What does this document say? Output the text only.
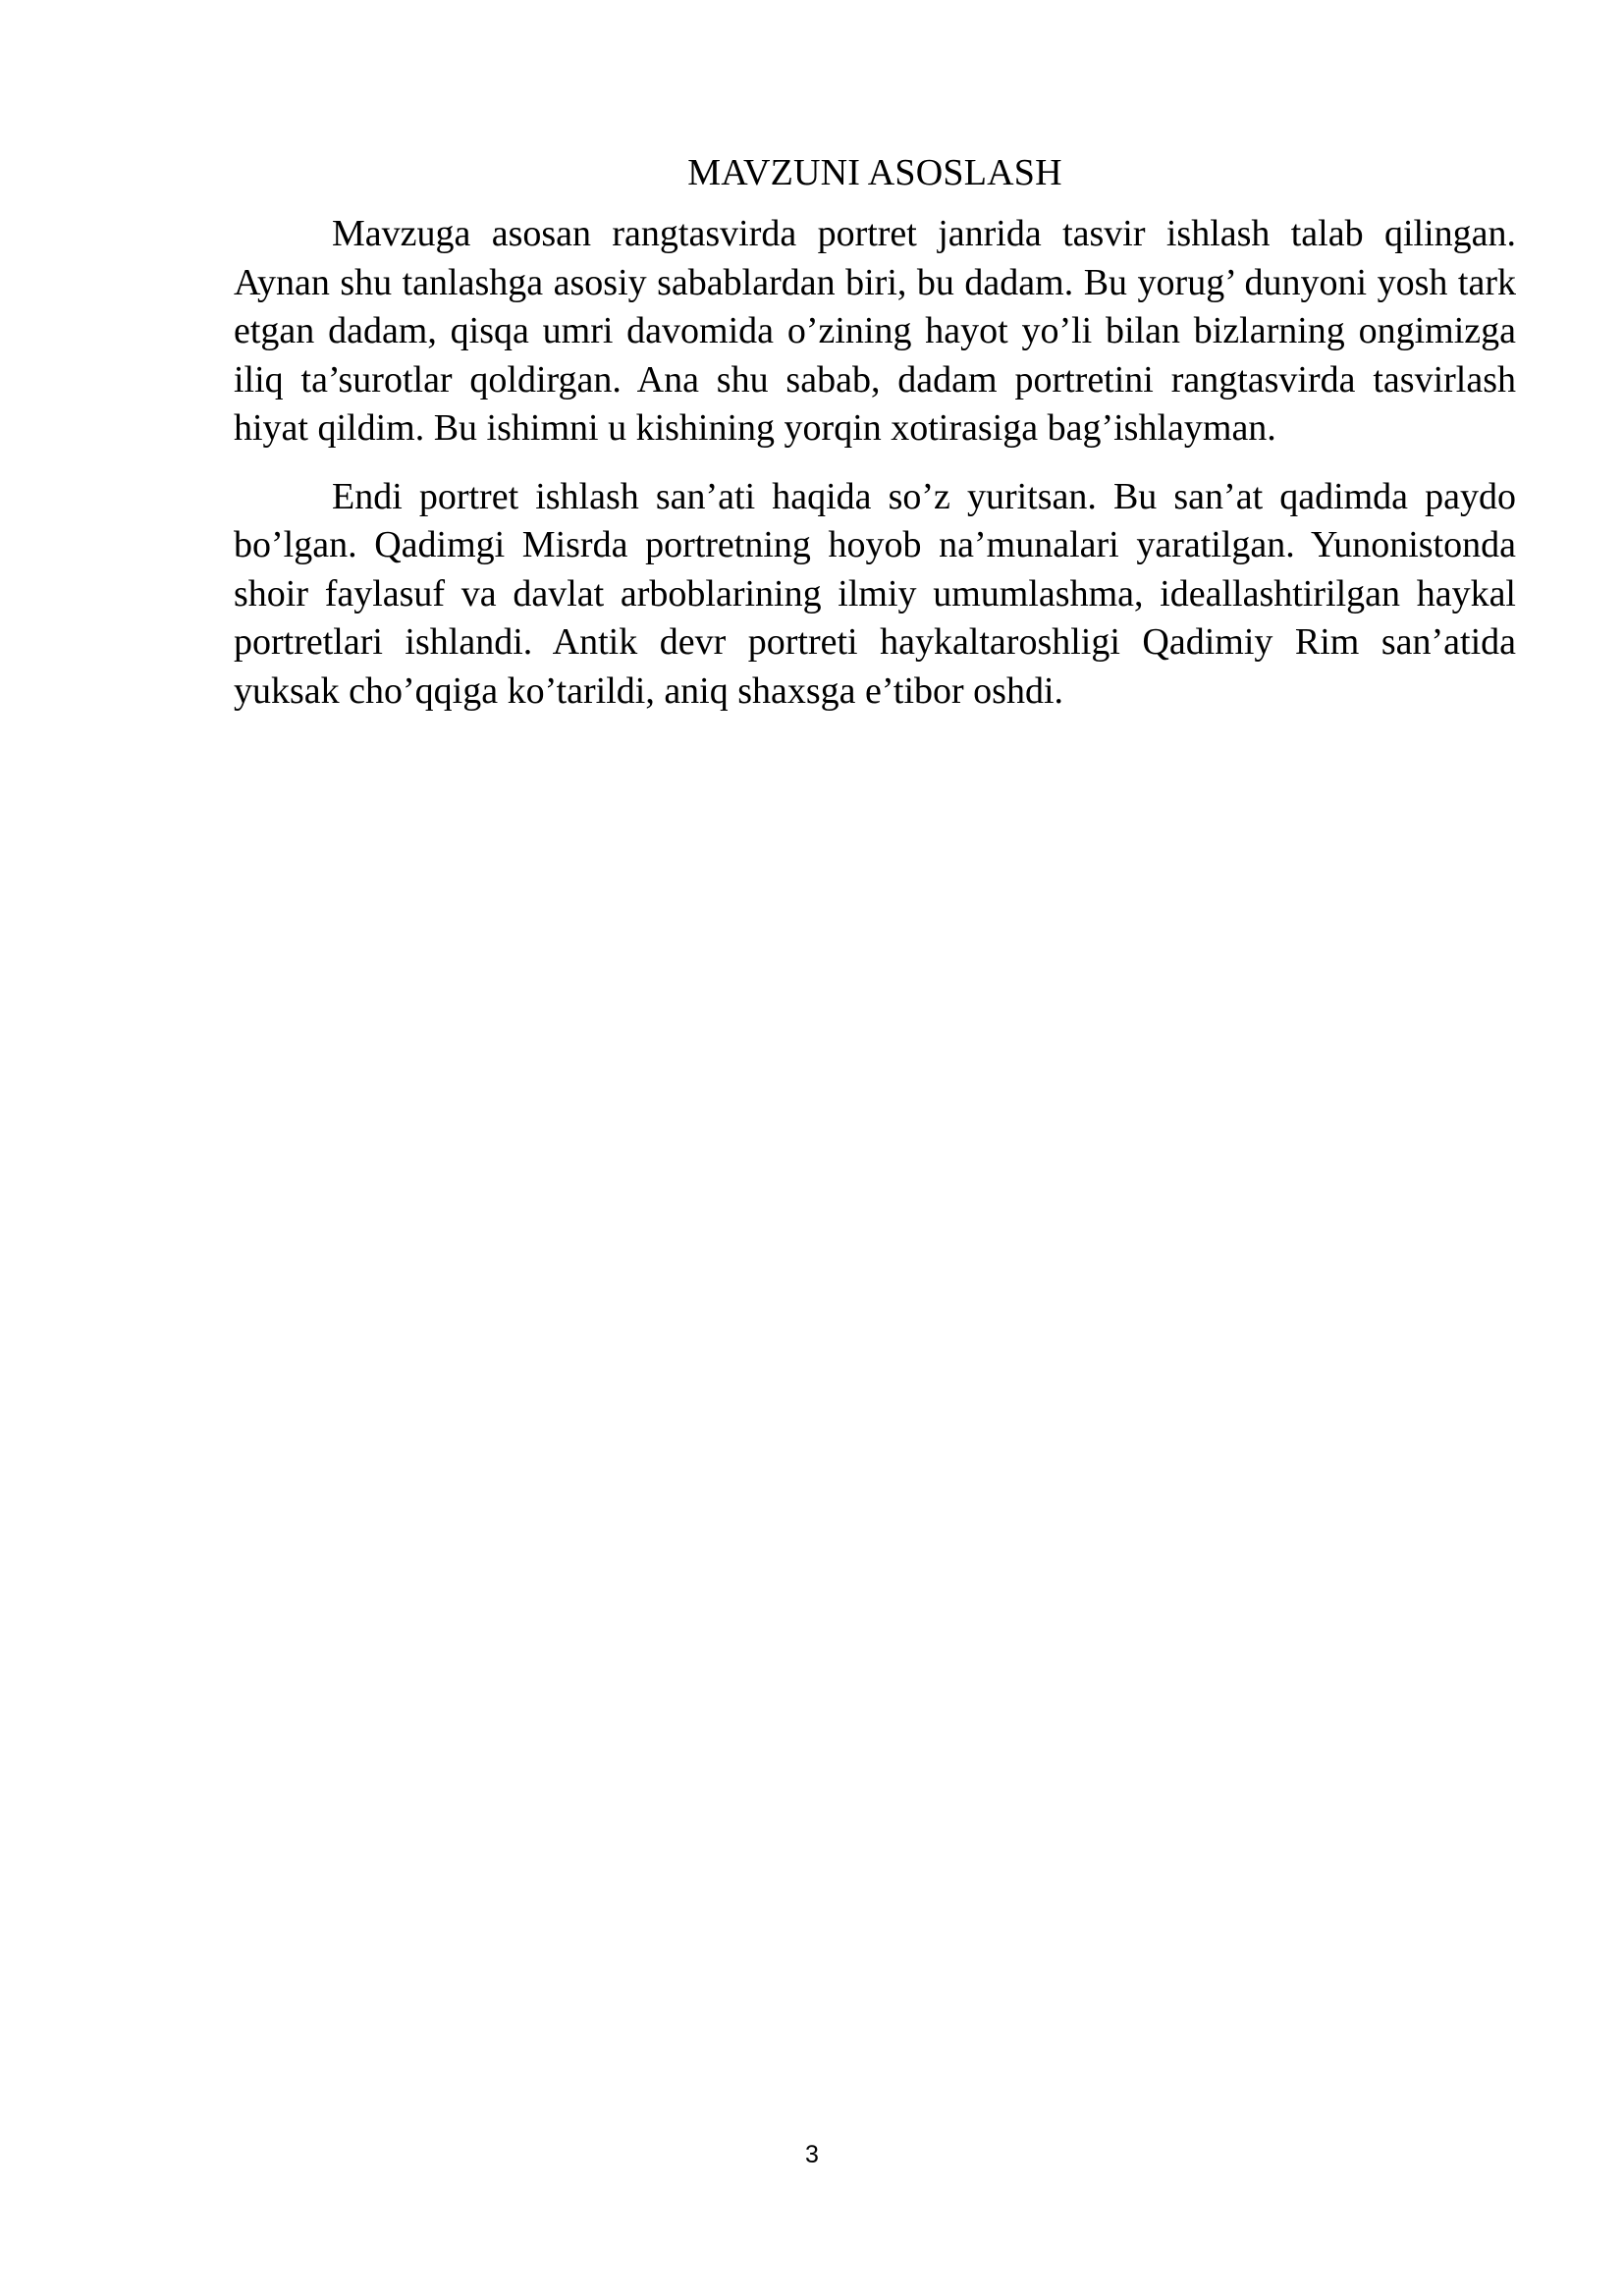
MAVZUNI ASOSLASH

Mavzuga asosan rangtasvirda portret janrida tasvir ishlash talab qilingan. Aynan shu tanlashga asosiy sabablardan biri, bu dadam. Bu yorug’ dunyoni yosh tark etgan dadam, qisqa umri davomida o’zining hayot yo’li bilan bizlarning ongimizga iliq ta’surotlar qoldirgan. Ana shu sabab, dadam portretini rangtasvirda tasvirlash hiyat qildim. Bu ishimni u kishining yorqin xotirasiga bag’ishlayman.

Endi portret ishlash san’ati haqida so’z yuritsan. Bu san’at qadimda paydo bo’lgan. Qadimgi Misrda portretning hoyob na’munalari yaratilgan. Yunonistonda shoir faylasuf va davlat arboblarining ilmiy umumlashma, ideallashtirilgan haykal portretlari ishlandi. Antik devr portreti haykaltaroshligi Qadimiy Rim san’atida yuksak cho’qqiga ko’tarildi, aniq shaxsga e’tibor oshdi.

3
